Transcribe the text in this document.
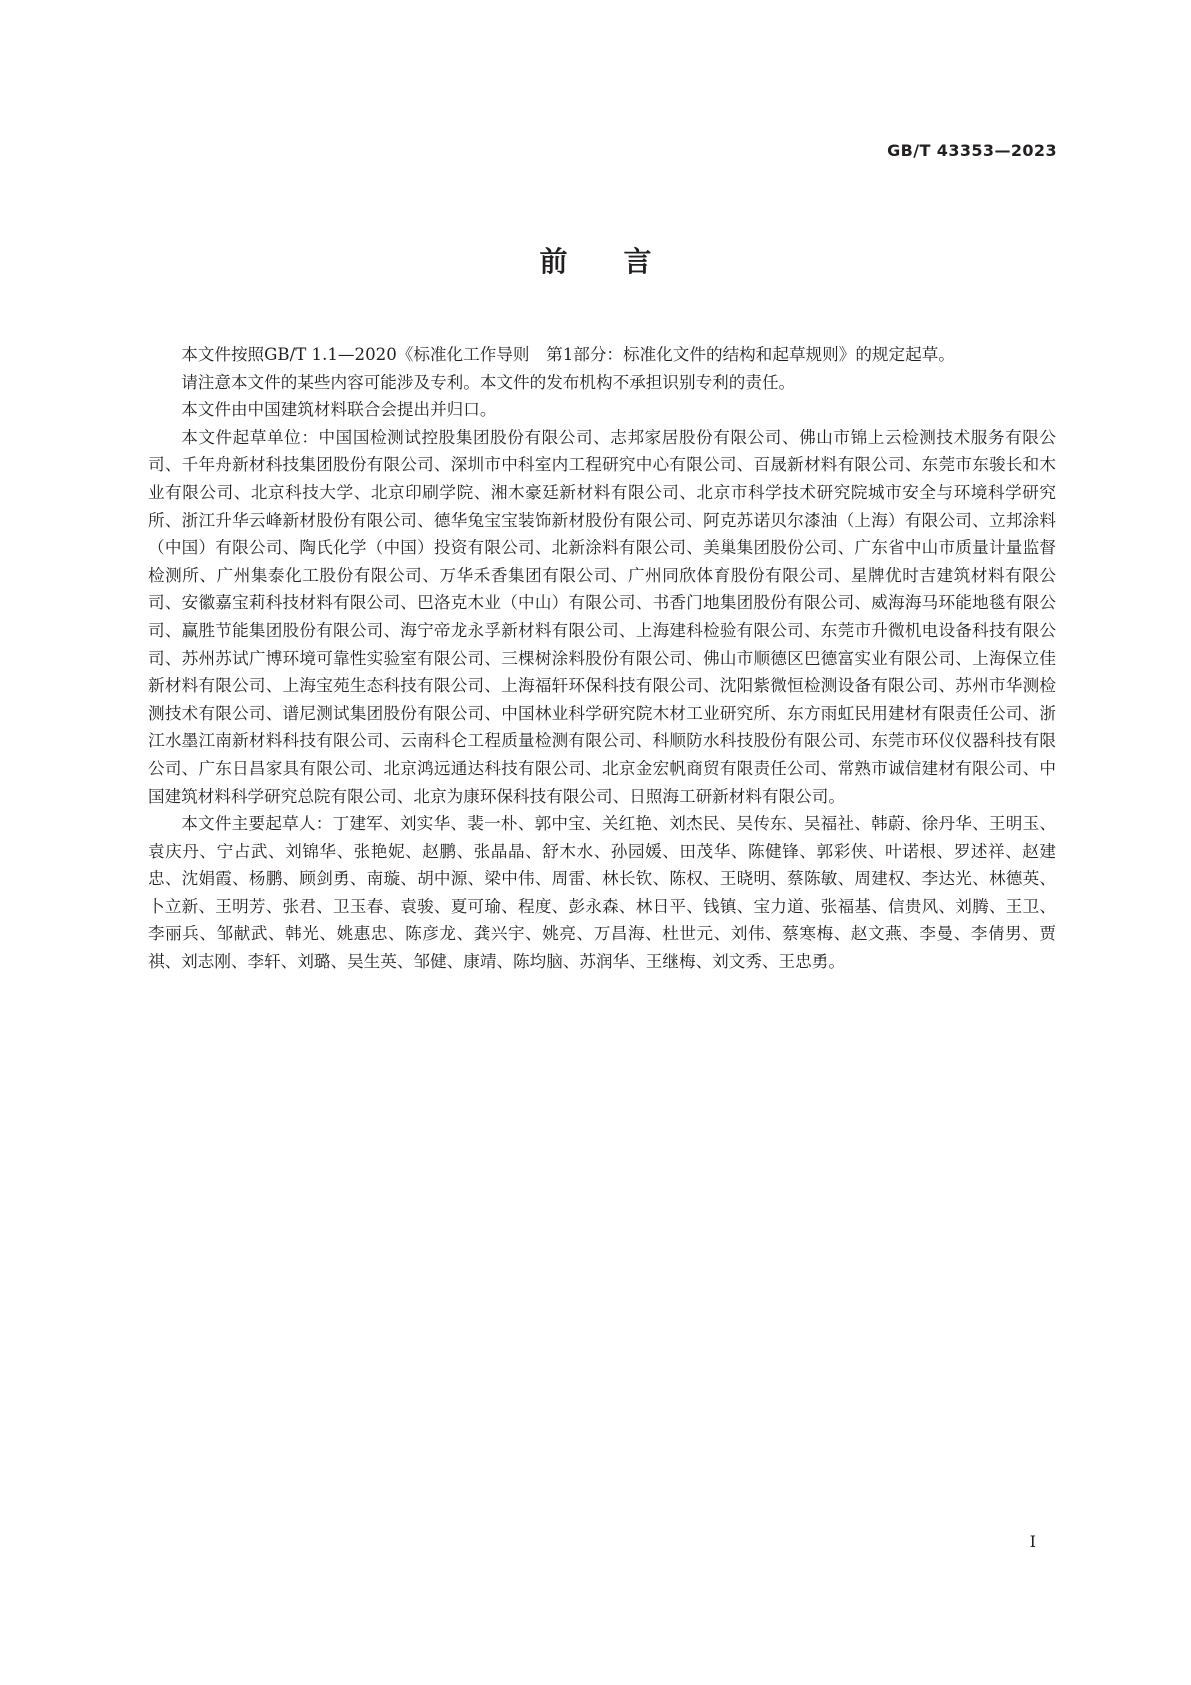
GB/T 43353—2023
前言

本文件按照GB/T 1.1—2020《标准化工作导则　第1部分：标准化文件的结构和起草规则》的规定起草。

请注意本文件的某些内容可能涉及专利。本文件的发布机构不承担识别专利的责任。

本文件由中国建筑材料联合会提出并归口。

本文件起草单位：中国国检测试控股集团股份有限公司、志邦家居股份有限公司、佛山市锦上云检测技术服务有限公司、千年舟新材科技集团股份有限公司、深圳市中科室内工程研究中心有限公司、百晟新材料有限公司、东莞市东骏长和木业有限公司、北京科技大学、北京印刷学院、湘木豪廷新材料有限公司、北京市科学技术研究院城市安全与环境科学研究所、浙江升华云峰新材股份有限公司、德华兔宝宝装饰新材股份有限公司、阿克苏诺贝尔漆油（上海）有限公司、立邦涂料（中国）有限公司、陶氏化学（中国）投资有限公司、北新涂料有限公司、美巢集团股份公司、广东省中山市质量计量监督检测所、广州集泰化工股份有限公司、万华禾香集团有限公司、广州同欣体育股份有限公司、星牌优时吉建筑材料有限公司、安徽嘉宝莉科技材料有限公司、巴洛克木业（中山）有限公司、书香门地集团股份有限公司、威海海马环能地毯有限公司、赢胜节能集团股份有限公司、海宁帝龙永孚新材料有限公司、上海建科检验有限公司、东莞市升微机电设备科技有限公司、苏州苏试广博环境可靠性实验室有限公司、三棵树涂料股份有限公司、佛山市顺德区巴德富实业有限公司、上海保立佳新材料有限公司、上海宝苑生态科技有限公司、上海福轩环保科技有限公司、沈阳紫微恒检测设备有限公司、苏州市华测检测技术有限公司、谱尼测试集团股份有限公司、中国林业科学研究院木材工业研究所、东方雨虹民用建材有限责任公司、浙江水墨江南新材料科技有限公司、云南科仑工程质量检测有限公司、科顺防水科技股份有限公司、东莞市环仪仪器科技有限公司、广东日昌家具有限公司、北京鸿远通达科技有限公司、北京金宏帆商贸有限责任公司、常熟市诚信建材有限公司、中国建筑材料科学研究总院有限公司、北京为康环保科技有限公司、日照海工研新材料有限公司。

本文件主要起草人：丁建军、刘实华、裴一朴、郭中宝、关红艳、刘杰民、吴传东、吴福社、韩蔚、徐丹华、王明玉、袁庆丹、宁占武、刘锦华、张艳妮、赵鹏、张晶晶、舒木水、孙园媛、田茂华、陈健锋、郭彩侠、叶诺根、罗述祥、赵建忠、沈娟霞、杨鹏、顾剑勇、南璇、胡中源、梁中伟、周雷、林长钦、陈权、王晓明、蔡陈敏、周建权、李达光、林德英、卜立新、王明芳、张君、卫玉春、袁骏、夏可瑜、程度、彭永森、林日平、钱镇、宝力道、张福基、信贵风、刘腾、王卫、李丽兵、邹献武、韩光、姚惠忠、陈彦龙、龚兴宇、姚亮、万昌海、杜世元、刘伟、蔡寒梅、赵文燕、李曼、李倩男、贾祺、刘志刚、李轩、刘璐、吴生英、邹健、康靖、陈均脑、苏润华、王继梅、刘文秀、王忠勇。

I
